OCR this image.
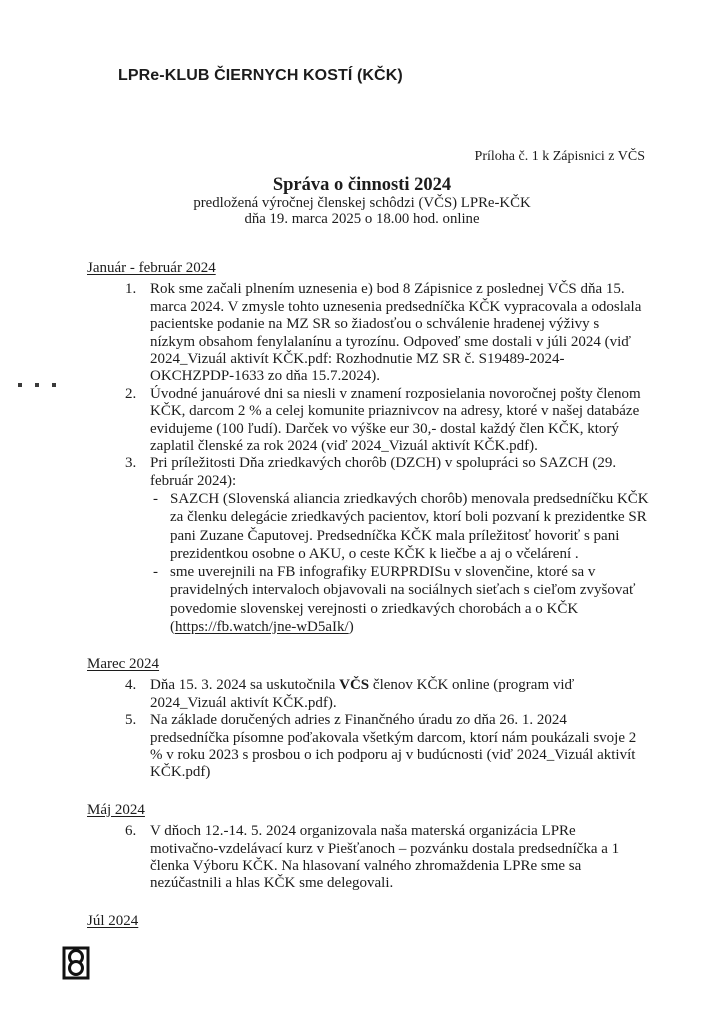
LPRe-KLUB ČIERNYCH KOSTÍ (KČK)
Príloha č. 1 k Zápisnici z VČS
Správa o činnosti 2024
predložená výročnej členskej schôdzi (VČS) LPRe-KČK
dňa 19. marca 2025 o 18.00 hod. online
Január - február 2024
1. Rok sme začali plnením uznesenia e) bod 8 Zápisnice z poslednej VČS dňa 15. marca 2024. V zmysle tohto uznesenia predsedníčka KČK vypracovala a odoslala pacientske podanie na MZ SR so žiadosťou o schválenie hradenej výživy s nízkym obsahom fenylalanínu a tyrozínu. Odpoveď sme dostali v júli 2024 (viď 2024_Vizuál aktivít KČK.pdf: Rozhodnutie MZ SR č. S19489-2024-OKCHZPDP-1633 zo dňa 15.7.2024).
2. Úvodné januárové dni sa niesli v znamení rozposielania novoročnej pošty členom KČK, darcom 2 % a celej komunite priaznivcov na adresy, ktoré v našej databáze evidujeme (100 ľudí). Darček vo výške eur 30,- dostal každý člen KČK, ktorý zaplatil členské za rok 2024 (viď 2024_Vizuál aktivít KČK.pdf).
3. Pri príležitosti Dňa zriedkavých chorôb (DZCH) v spolupráci so SAZCH (29. február 2024):
- SAZCH (Slovenská aliancia zriedkavých chorôb) menovala predsedníčku KČK za členku delegácie zriedkavých pacientov, ktorí boli pozvaní k prezidentke SR pani Zuzane Čaputovej. Predsedníčka KČK mala príležitosť hovoriť s pani prezidentkou osobne o AKU, o ceste KČK k liečbe a aj o včelárení .
- sme uverejnili na FB infografiky EURPRDISu v slovenčine, ktoré sa v pravidelných intervaloch objavovali na sociálnych sieťach s cieľom zvyšovať povedomie slovenskej verejnosti o zriedkavých chorobách a o KČK (https://fb.watch/jne-wD5aIk/)
Marec 2024
4. Dňa 15. 3. 2024 sa uskutočnila VČS členov KČK online (program viď 2024_Vizuál aktivít KČK.pdf).
5. Na základe doručených adries z Finančného úradu zo dňa 26. 1. 2024 predsedníčka písomne poďakovala všetkým darcom, ktorí nám poukázali svoje 2 % v roku 2023 s prosbou o ich podporu aj v budúcnosti (viď 2024_Vizuál aktivít KČK.pdf)
Máj 2024
6. V dňoch 12.-14. 5. 2024 organizovala naša materská organizácia LPRe motivačno-vzdelávací kurz v Piešťanoch – pozvánku dostala predsedníčka a 1 členka Výboru KČK. Na hlasovaní valného zhromaždenia LPRe sme sa nezúčastnili a hlas KČK sme delegovali.
Júl 2024
